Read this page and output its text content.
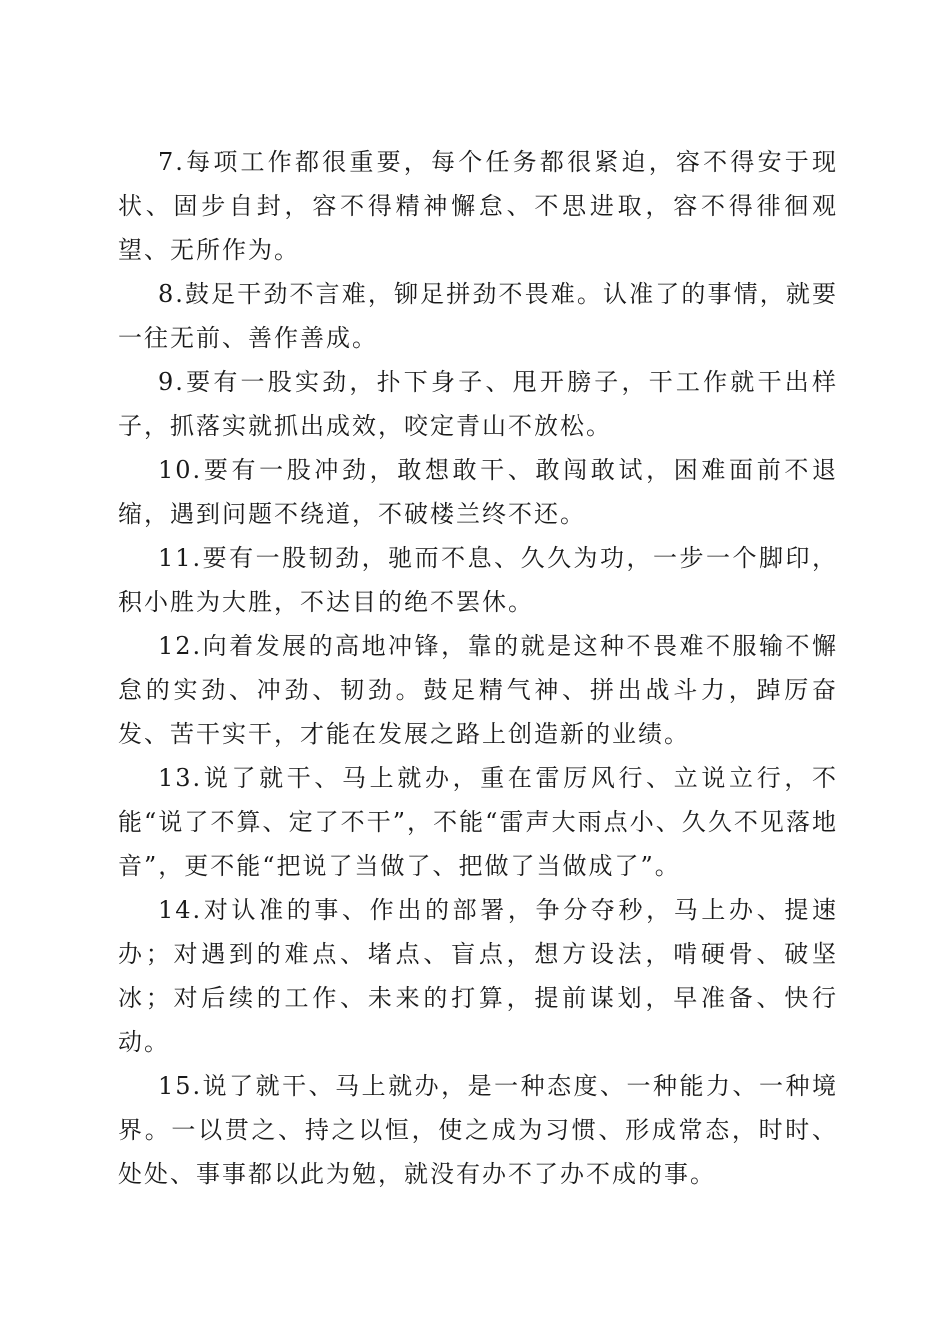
7.每项工作都很重要，每个任务都很紧迫，容不得安于现状、固步自封，容不得精神懈怠、不思进取，容不得徘徊观望、无所作为。

8.鼓足干劲不言难，铆足拼劲不畏难。认准了的事情，就要一往无前、善作善成。

9.要有一股实劲，扑下身子、甩开膀子，干工作就干出样子，抓落实就抓出成效，咬定青山不放松。

10.要有一股冲劲，敢想敢干、敢闯敢试，困难面前不退缩，遇到问题不绕道，不破楼兰终不还。

11.要有一股韧劲，驰而不息、久久为功，一步一个脚印，积小胜为大胜，不达目的绝不罢休。

12.向着发展的高地冲锋，靠的就是这种不畏难不服输不懈怠的实劲、冲劲、韧劲。鼓足精气神、拼出战斗力，踔厉奋发、苦干实干，才能在发展之路上创造新的业绩。

13.说了就干、马上就办，重在雷厉风行、立说立行，不能“说了不算、定了不干”，不能“雷声大雨点小、久久不见落地音”，更不能“把说了当做了、把做了当做成了”。

14.对认准的事、作出的部署，争分夺秒，马上办、提速办；对遇到的难点、堵点、盲点，想方设法，啃硬骨、破坚冰；对后续的工作、未来的打算，提前谋划，早准备、快行动。

15.说了就干、马上就办，是一种态度、一种能力、一种境界。一以贯之、持之以恒，使之成为习惯、形成常态，时时、处处、事事都以此为勉，就没有办不了办不成的事。
